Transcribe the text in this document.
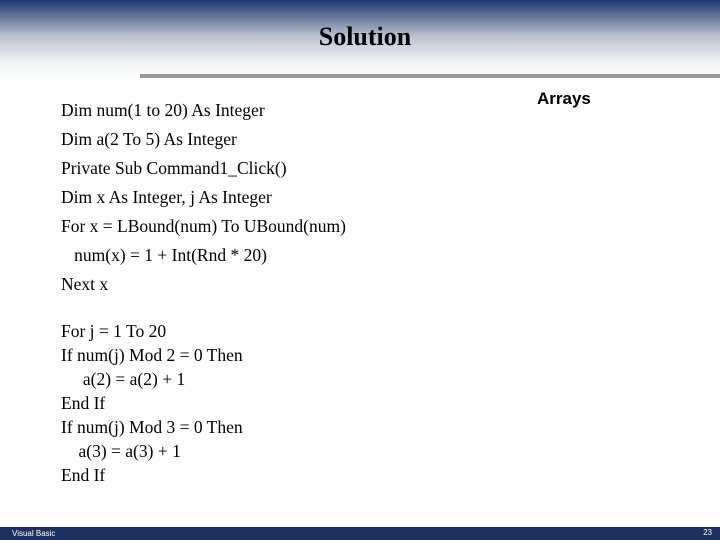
Solution
Arrays
Dim num(1 to 20) As Integer
Dim a(2 To 5) As Integer
Private Sub Command1_Click()
Dim x As Integer, j As Integer
For x = LBound(num) To UBound(num)
num(x) = 1 + Int(Rnd * 20)
Next x
For j = 1 To 20
If num(j) Mod 2 = 0 Then
a(2) = a(2) + 1
End If
If num(j) Mod 3 = 0 Then
a(3) = a(3) + 1
End If
Visual Basic	23
